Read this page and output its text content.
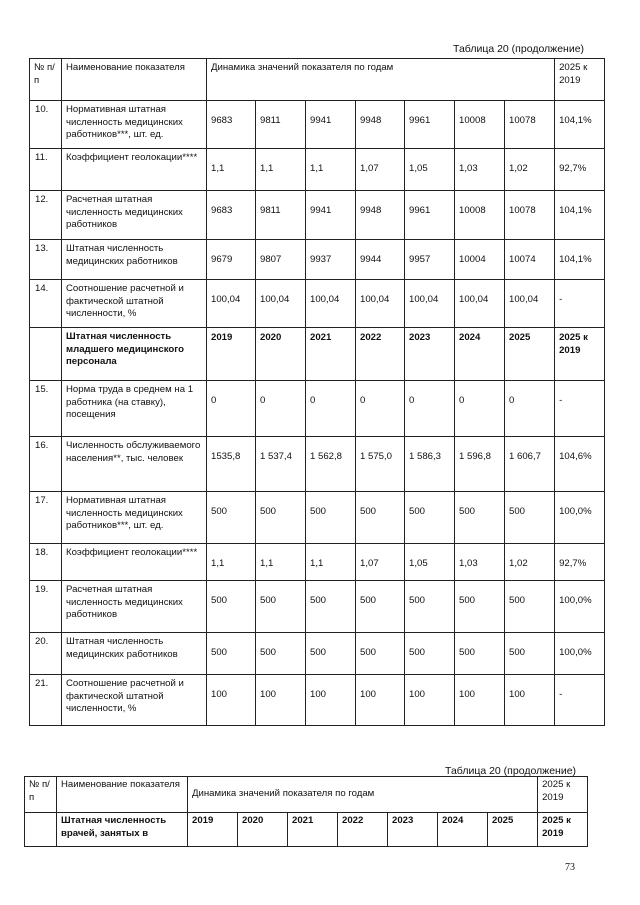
Таблица 20 (продолжение)
№ п/п	Наименование показателя	Динамика значений показателя по годам							2025 к 2019
10.	Нормативная штатная численность медицинских работников***, шт. ед.	9683	9811	9941	9948	9961	10008	10078	104,1%
11.	Коэффициент геолокации****	1,1	1,1	1,1	1,07	1,05	1,03	1,02	92,7%
12.	Расчетная штатная численность медицинских работников	9683	9811	9941	9948	9961	10008	10078	104,1%
13.	Штатная численность медицинских работников	9679	9807	9937	9944	9957	10004	10074	104,1%
14.	Соотношение расчетной и фактической штатной численности, %	100,04	100,04	100,04	100,04	100,04	100,04	100,04	-
	Штатная численность младшего медицинского персонала	2019	2020	2021	2022	2023	2024	2025	2025 к 2019
15.	Норма труда в среднем на 1 работника (на ставку), посещения	0	0	0	0	0	0	0	-
16.	Численность обслуживаемого населения**, тыс. человек	1535,8	1 537,4	1 562,8	1 575,0	1 586,3	1 596,8	1 606,7	104,6%
17.	Нормативная штатная численность медицинских работников***, шт. ед.	500	500	500	500	500	500	500	100,0%
18.	Коэффициент геолокации****	1,1	1,1	1,1	1,07	1,05	1,03	1,02	92,7%
19.	Расчетная штатная численность медицинских работников	500	500	500	500	500	500	500	100,0%
20.	Штатная численность медицинских работников	500	500	500	500	500	500	500	100,0%
21.	Соотношение расчетной и фактической штатной численности, %	100	100	100	100	100	100	100	-
Таблица 20 (продолжение)
№ п/п	Наименование показателя	Динамика значений показателя по годам							2025 к 2019
	Штатная численность врачей, занятых в	2019	2020	2021	2022	2023	2024	2025	2025 к 2019
73
